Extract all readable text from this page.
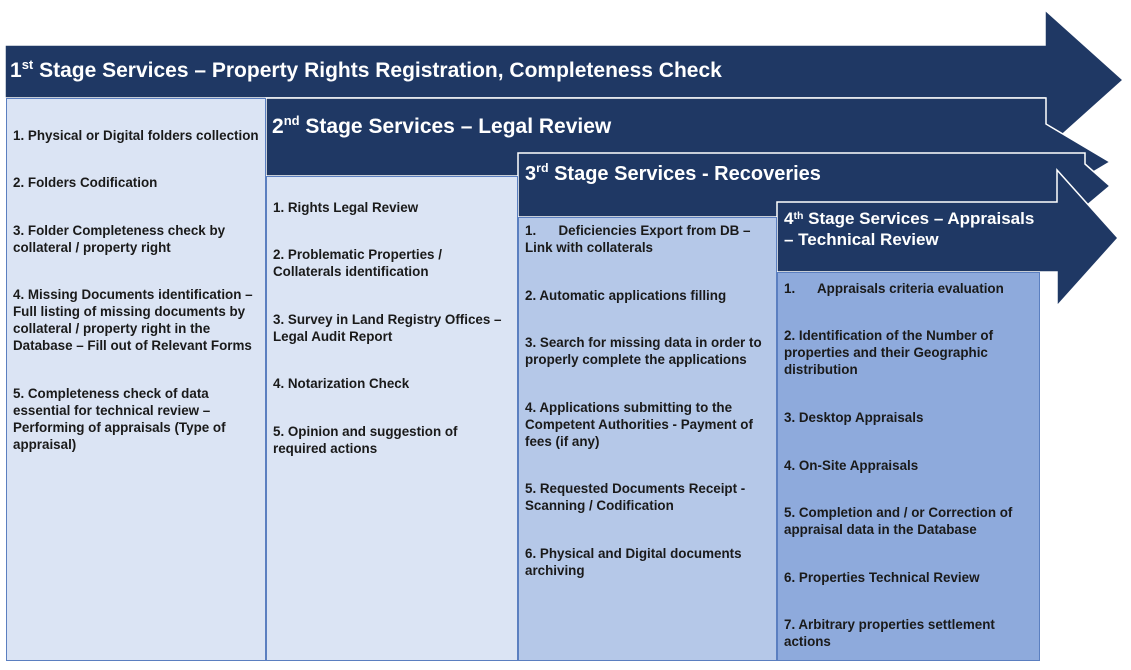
1st Stage Services – Property Rights Registration, Completeness Check
2nd Stage Services – Legal Review
3rd Stage Services - Recoveries
4th Stage Services – Appraisals
– Technical Review
1. Physical or Digital folders collection
2. Folders Codification
3. Folder Completeness check by collateral / property right
4. Missing Documents identification – Full listing of missing documents by collateral / property right in the Database – Fill out of Relevant Forms
5. Completeness check of data essential for technical review – Performing of appraisals (Type of appraisal)
1. Rights Legal Review
2. Problematic Properties / Collaterals identification
3. Survey in Land Registry Offices – Legal Audit Report
4. Notarization Check
5. Opinion and suggestion of required actions
1.      Deficiencies Export from DB – Link with collaterals
2. Automatic applications filling
3. Search for missing data in order to properly complete the applications
4. Applications submitting to the Competent Authorities - Payment of fees (if any)
5. Requested Documents Receipt - Scanning / Codification
6. Physical and Digital documents archiving
1.      Appraisals criteria evaluation
2. Identification of the Number of properties and their Geographic distribution
3. Desktop Appraisals
4. On-Site Appraisals
5. Completion and / or Correction of appraisal data in the Database
6. Properties Technical Review
7. Arbitrary properties settlement actions
